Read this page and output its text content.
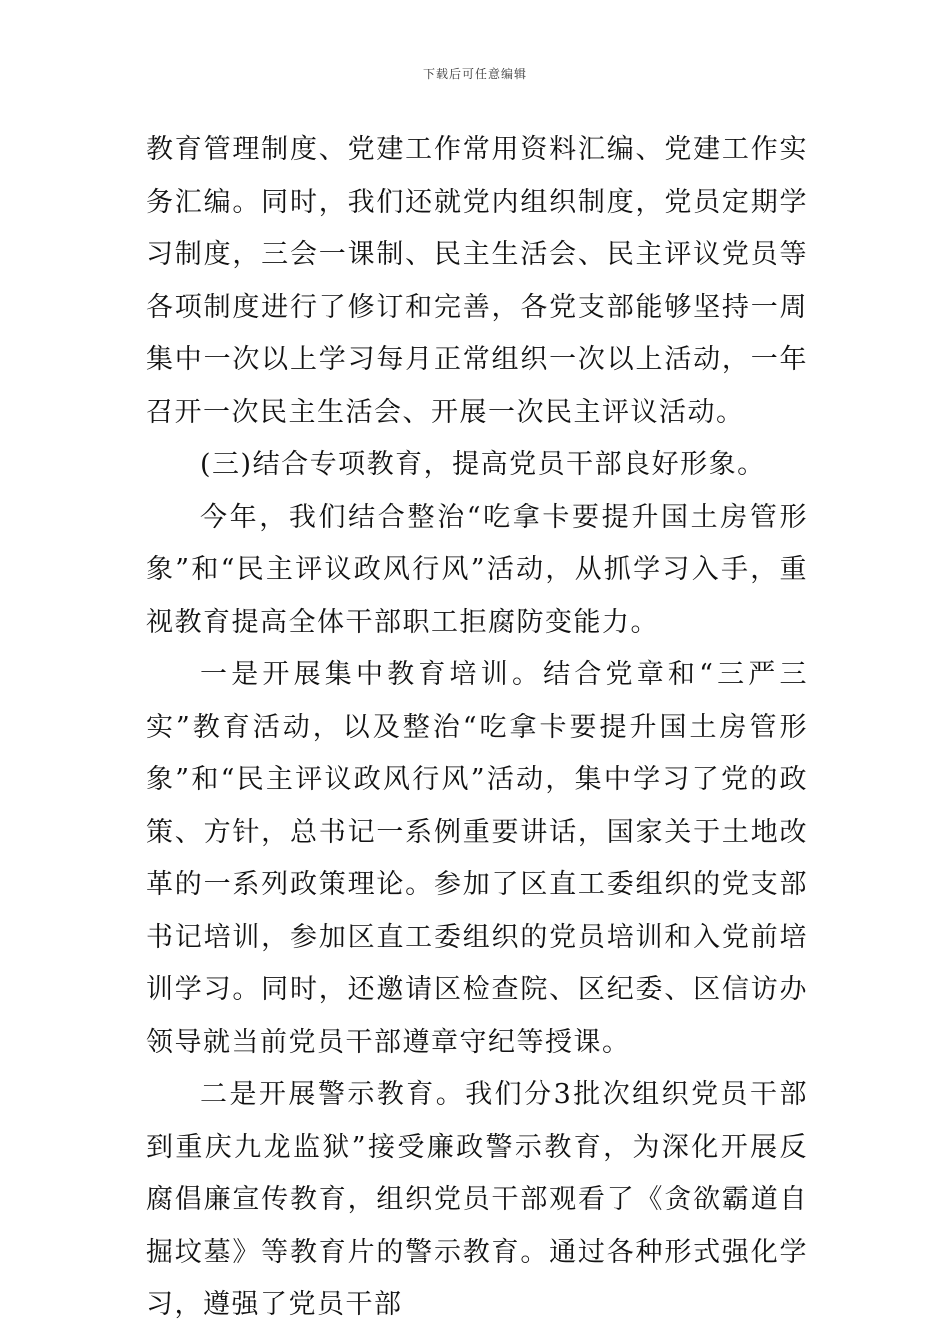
下载后可任意编辑

教育管理制度、党建工作常用资料汇编、党建工作实务汇编。同时，我们还就党内组织制度，党员定期学习制度，三会一课制、民主生活会、民主评议党员等各项制度进行了修订和完善，各党支部能够坚持一周集中一次以上学习每月正常组织一次以上活动，一年召开一次民主生活会、开展一次民主评议活动。

(三)结合专项教育，提高党员干部良好形象。

今年，我们结合整治“吃拿卡要提升国土房管形象”和“民主评议政风行风”活动，从抓学习入手，重视教育提高全体干部职工拒腐防变能力。

一是开展集中教育培训。结合党章和“三严三实”教育活动，以及整治“吃拿卡要提升国土房管形象”和“民主评议政风行风”活动，集中学习了党的政策、方针，总书记一系例重要讲话，国家关于土地改革的一系列政策理论。参加了区直工委组织的党支部书记培训，参加区直工委组织的党员培训和入党前培训学习。同时，还邀请区检查院、区纪委、区信访办领导就当前党员干部遵章守纪等授课。

二是开展警示教育。我们分3批次组织党员干部到重庆九龙监狱”接受廉政警示教育，为深化开展反腐倡廉宣传教育，组织党员干部观看了《贪欲霸道自掘坟墓》等教育片的警示教育。通过各种形式强化学习，遵强了党员干部
